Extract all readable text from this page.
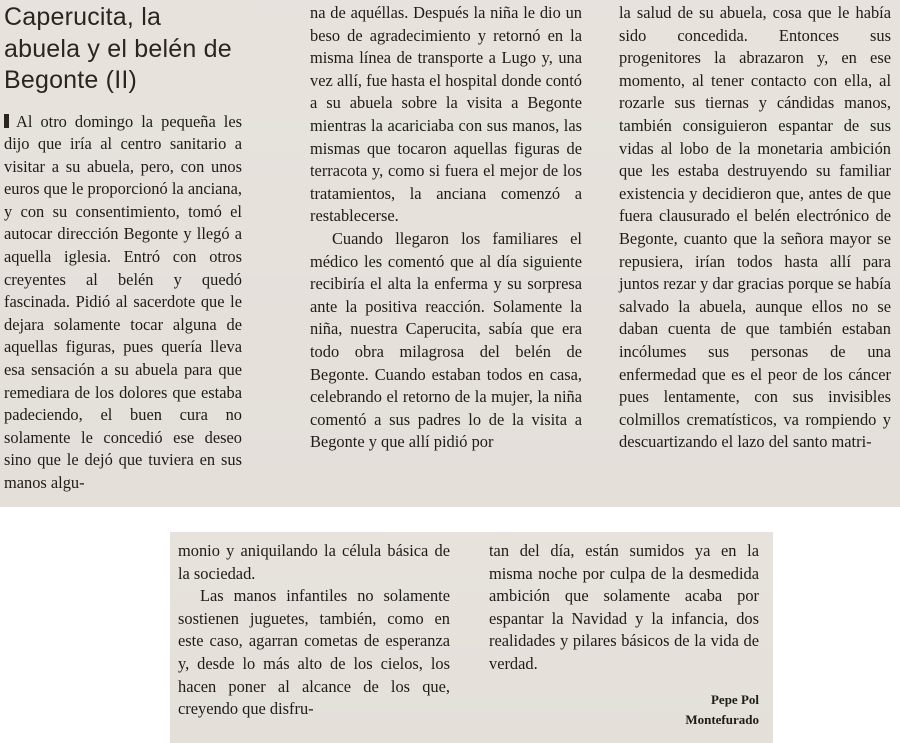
Caperucita, la abuela y el belén de Begonte (II)

Al otro domingo la pequeña les dijo que iría al centro sanitario a visitar a su abuela, pero, con unos euros que le proporcionó la anciana, y con su consentimiento, tomó el autocar dirección Begonte y llegó a aquella iglesia. Entró con otros creyentes al belén y quedó fascinada. Pidió al sacerdote que le dejara solamente tocar alguna de aquellas figuras, pues quería lleva esa sensación a su abuela para que remediara de los dolores que estaba padeciendo, el buen cura no solamente le concedió ese deseo sino que le dejó que tuviera en sus manos algu-

na de aquéllas. Después la niña le dio un beso de agradecimiento y retornó en la misma línea de transporte a Lugo y, una vez allí, fue hasta el hospital donde contó a su abuela sobre la visita a Begonte mientras la acariciaba con sus manos, las mismas que tocaron aquellas figuras de terracota y, como si fuera el mejor de los tratamientos, la anciana comenzó a restablecerse.

Cuando llegaron los familiares el médico les comentó que al día siguiente recibiría el alta la enferma y su sorpresa ante la positiva reacción. Solamente la niña, nuestra Caperucita, sabía que era todo obra milagrosa del belén de Begonte. Cuando estaban todos en casa, celebrando el retorno de la mujer, la niña comentó a sus padres lo de la visita a Begonte y que allí pidió por

la salud de su abuela, cosa que le había sido concedida. Entonces sus progenitores la abrazaron y, en ese momento, al tener contacto con ella, al rozarle sus tiernas y cándidas manos, también consiguieron espantar de sus vidas al lobo de la monetaria ambición que les estaba destruyendo su familiar existencia y decidieron que, antes de que fuera clausurado el belén electrónico de Begonte, cuanto que la señora mayor se repusiera, irían todos hasta allí para juntos rezar y dar gracias porque se había salvado la abuela, aunque ellos no se daban cuenta de que también estaban incólumes sus personas de una enfermedad que es el peor de los cáncer pues lentamente, con sus invisibles colmillos crematísticos, va rompiendo y descuartizando el lazo del santo matri-

monio y aniquilando la célula básica de la sociedad.

Las manos infantiles no solamente sostienen juguetes, también, como en este caso, agarran cometas de esperanza y, desde lo más alto de los cielos, los hacen poner al alcance de los que, creyendo que disfru-

tan del día, están sumidos ya en la misma noche por culpa de la desmedida ambición que solamente acaba por espantar la Navidad y la infancia, dos realidades y pilares básicos de la vida de verdad.

Pepe Pol
Montefurado
